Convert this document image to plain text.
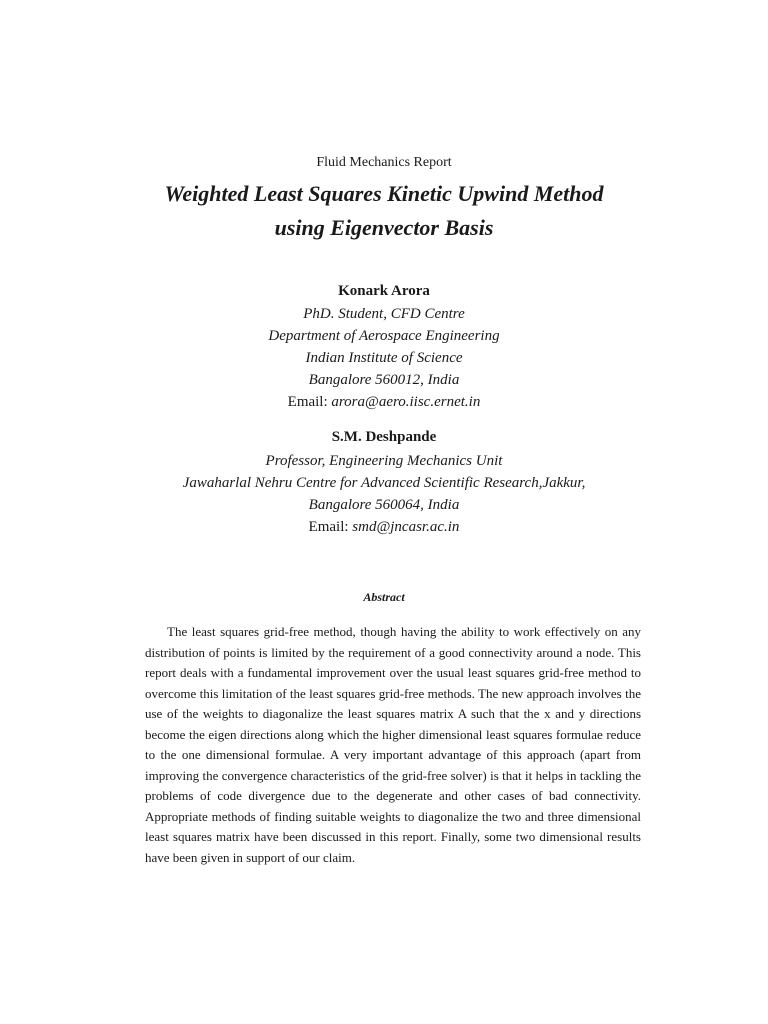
Fluid Mechanics Report
Weighted Least Squares Kinetic Upwind Method
using Eigenvector Basis
Konark Arora
PhD. Student, CFD Centre
Department of Aerospace Engineering
Indian Institute of Science
Bangalore 560012, India
Email: arora@aero.iisc.ernet.in
S.M. Deshpande
Professor, Engineering Mechanics Unit
Jawaharlal Nehru Centre for Advanced Scientific Research,Jakkur,
Bangalore 560064, India
Email: smd@jncasr.ac.in
Abstract

The least squares grid-free method, though having the ability to work effectively on any distribution of points is limited by the requirement of a good connectivity around a node. This report deals with a fundamental improvement over the usual least squares grid-free method to overcome this limitation of the least squares grid-free methods. The new approach involves the use of the weights to diagonalize the least squares matrix A such that the x and y directions become the eigen directions along which the higher dimensional least squares formulae reduce to the one dimensional formulae. A very important advantage of this approach (apart from improving the convergence characteristics of the grid-free solver) is that it helps in tackling the problems of code divergence due to the degenerate and other cases of bad connectivity. Appropriate methods of finding suitable weights to diagonalize the two and three dimensional least squares matrix have been discussed in this report. Finally, some two dimensional results have been given in support of our claim.
